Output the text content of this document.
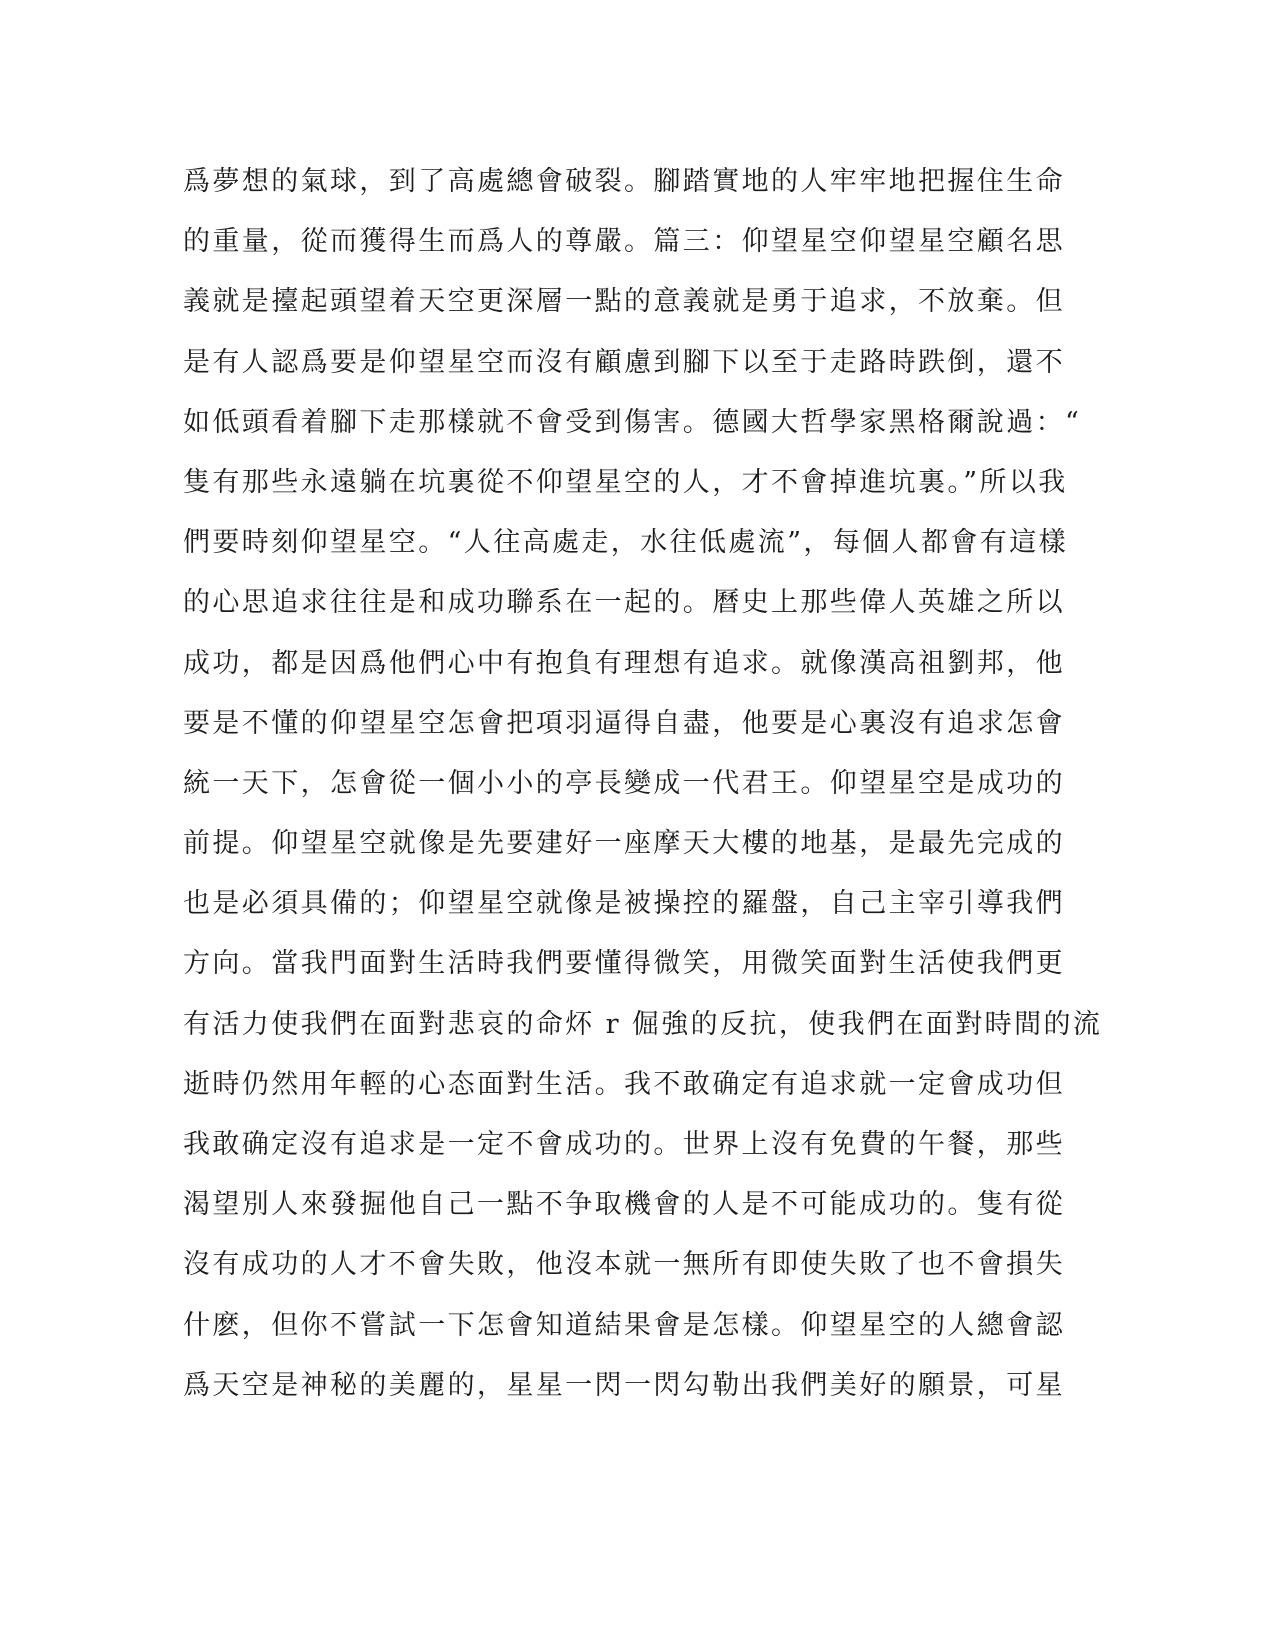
爲夢想的氣球，到了高處總會破裂。腳踏實地的人牢牢地把握住生命
的重量，從而獲得生而爲人的尊嚴。篇三：仰望星空仰望星空顧名思
義就是擡起頭望着天空更深層一點的意義就是勇于追求，不放棄。但
是有人認爲要是仰望星空而沒有顧慮到腳下以至于走路時跌倒，還不
如低頭看着腳下走那樣就不會受到傷害。德國大哲學家黑格爾說過：“
隻有那些永遠躺在坑裏從不仰望星空的人，才不會掉進坑裏。”所以我
們要時刻仰望星空。“人往高處走，水往低處流”，每個人都會有這樣
的心思追求往往是和成功聯系在一起的。曆史上那些偉人英雄之所以
成功，都是因爲他們心中有抱負有理想有追求。就像漢高祖劉邦，他
要是不懂的仰望星空怎會把項羽逼得自盡，他要是心裏沒有追求怎會
統一天下，怎會從一個小小的亭長變成一代君王。仰望星空是成功的
前提。仰望星空就像是先要建好一座摩天大樓的地基，是最先完成的
也是必須具備的；仰望星空就像是被操控的羅盤，自己主宰引導我們
方向。當我門面對生活時我們要懂得微笑，用微笑面對生活使我們更
有活力使我們在面對悲哀的命炋 r 倔強的反抗，使我們在面對時間的流
逝時仍然用年輕的心态面對生活。我不敢确定有追求就一定會成功但
我敢确定沒有追求是一定不會成功的。世界上沒有免費的午餐，那些
渴望別人來發掘他自己一點不争取機會的人是不可能成功的。隻有從
沒有成功的人才不會失敗，他沒本就一無所有即使失敗了也不會損失
什麽，但你不嘗試一下怎會知道結果會是怎樣。仰望星空的人總會認
爲天空是神秘的美麗的，星星一閃一閃勾勒出我們美好的願景，可星
